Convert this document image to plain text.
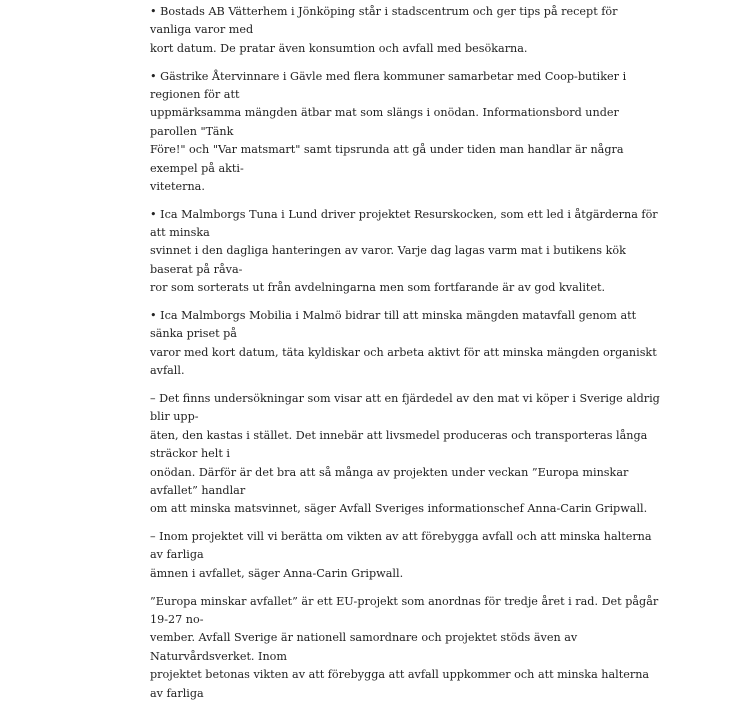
• Bostads AB Vätterhem i Jönköping står i stadscentrum och ger tips på recept för vanliga varor med
kort datum. De pratar även konsumtion och avfall med besökarna.

• Gästrike Återvinnare i Gävle med flera kommuner samarbetar med Coop-butiker i regionen för att
uppmärksamma mängden ätbar mat som slängs i onödan. Informationsbord under parollen "Tänk
Före!" och "Var matsmart" samt tipsrunda att gå under tiden man handlar är några exempel på akti-
viteterna.

• Ica Malmborgs Tuna i Lund driver projektet Resurskocken, som ett led i åtgärderna för att minska
svinnet i den dagliga hanteringen av varor. Varje dag lagas varm mat i butikens kök baserat på råva-
ror som sorterats ut från avdelningarna men som fortfarande är av god kvalitet.

• Ica Malmborgs Mobilia i Malmö bidrar till att minska mängden matavfall genom att sänka priset på
varor med kort datum, täta kyldiskar och arbeta aktivt för att minska mängden organiskt avfall.

– Det finns undersökningar som visar att en fjärdedel av den mat vi köper i Sverige aldrig blir upp-
äten, den kastas i stället. Det innebär att livsmedel produceras och transporteras långa sträckor helt i
onödan. Därför är det bra att så många av projekten under veckan ”Europa minskar avfallet” handlar
om att minska matsvinnet, säger Avfall Sveriges informationschef Anna-Carin Gripwall.

– Inom projektet vill vi berätta om vikten av att förebygga avfall och att minska halterna av farliga
ämnen i avfallet, säger Anna-Carin Gripwall.

”Europa minskar avfallet” är ett EU-projekt som anordnas för tredje året i rad. Det pågår 19-27 no-
vember. Avfall Sverige är nationell samordnare och projektet stöds även av Naturvårdsverket. Inom
projektet betonas vikten av att förebygga att avfall uppkommer och att minska halterna av farliga
